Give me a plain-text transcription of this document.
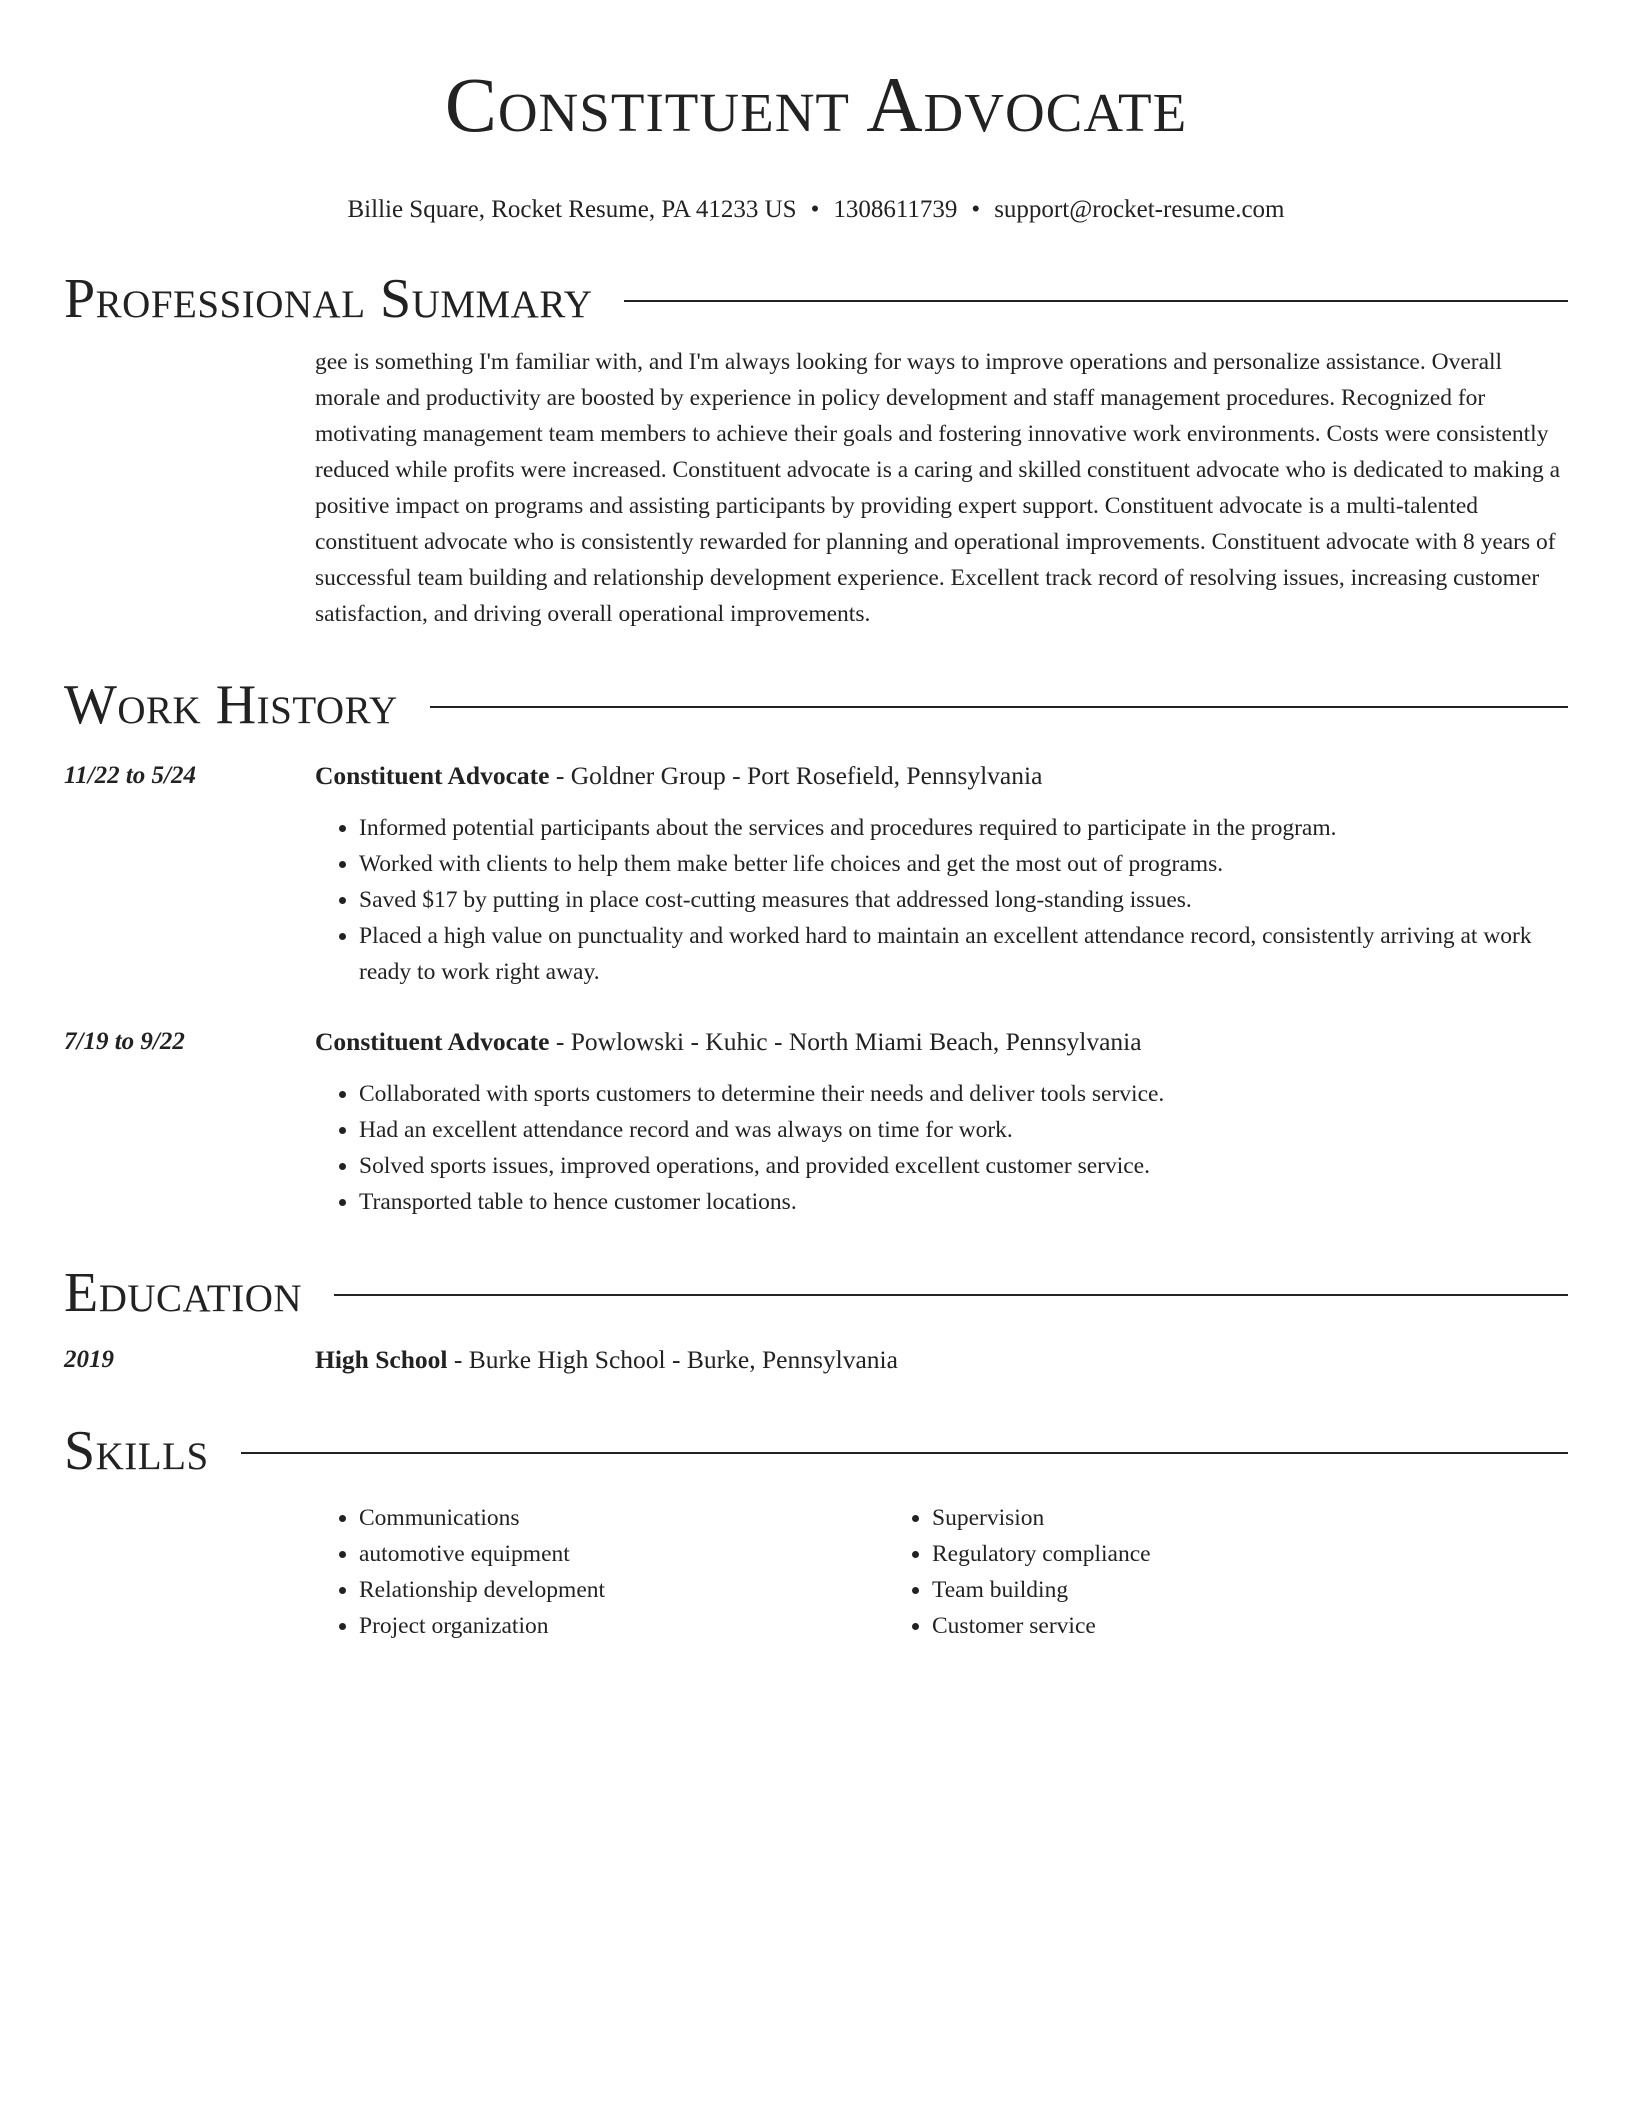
Constituent Advocate
Billie Square, Rocket Resume, PA 41233 US • 1308611739 • support@rocket-resume.com
Professional Summary
gee is something I'm familiar with, and I'm always looking for ways to improve operations and personalize assistance. Overall morale and productivity are boosted by experience in policy development and staff management procedures. Recognized for motivating management team members to achieve their goals and fostering innovative work environments. Costs were consistently reduced while profits were increased. Constituent advocate is a caring and skilled constituent advocate who is dedicated to making a positive impact on programs and assisting participants by providing expert support. Constituent advocate is a multi-talented constituent advocate who is consistently rewarded for planning and operational improvements. Constituent advocate with 8 years of successful team building and relationship development experience. Excellent track record of resolving issues, increasing customer satisfaction, and driving overall operational improvements.
Work History
11/22 to 5/24	Constituent Advocate - Goldner Group - Port Rosefield, Pennsylvania
• Informed potential participants about the services and procedures required to participate in the program.
• Worked with clients to help them make better life choices and get the most out of programs.
• Saved $17 by putting in place cost-cutting measures that addressed long-standing issues.
• Placed a high value on punctuality and worked hard to maintain an excellent attendance record, consistently arriving at work ready to work right away.
7/19 to 9/22	Constituent Advocate - Powlowski - Kuhic - North Miami Beach, Pennsylvania
• Collaborated with sports customers to determine their needs and deliver tools service.
• Had an excellent attendance record and was always on time for work.
• Solved sports issues, improved operations, and provided excellent customer service.
• Transported table to hence customer locations.
Education
2019	High School - Burke High School - Burke, Pennsylvania
Skills
• Communications
• automotive equipment
• Relationship development
• Project organization
• Supervision
• Regulatory compliance
• Team building
• Customer service
